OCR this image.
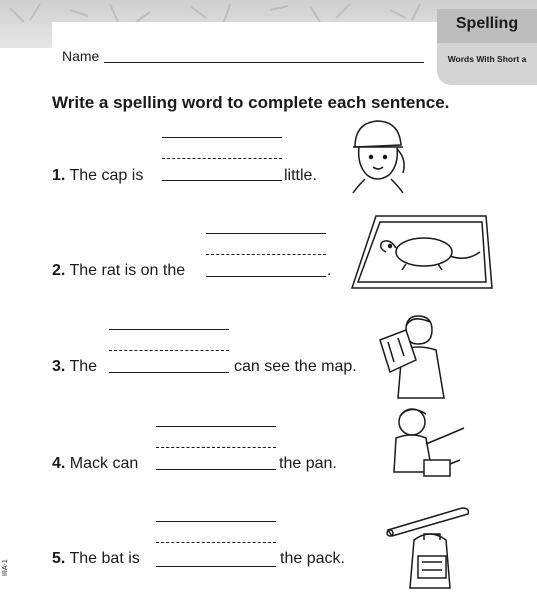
Name
Spelling
Words With Short a
Write a spelling word to complete each sentence.
1. The cap is	little.
2. The rat is on the	.
3. The	can see the map.
4. Mack can	the pan.
5. The bat is	the pack.
IIIA-1
